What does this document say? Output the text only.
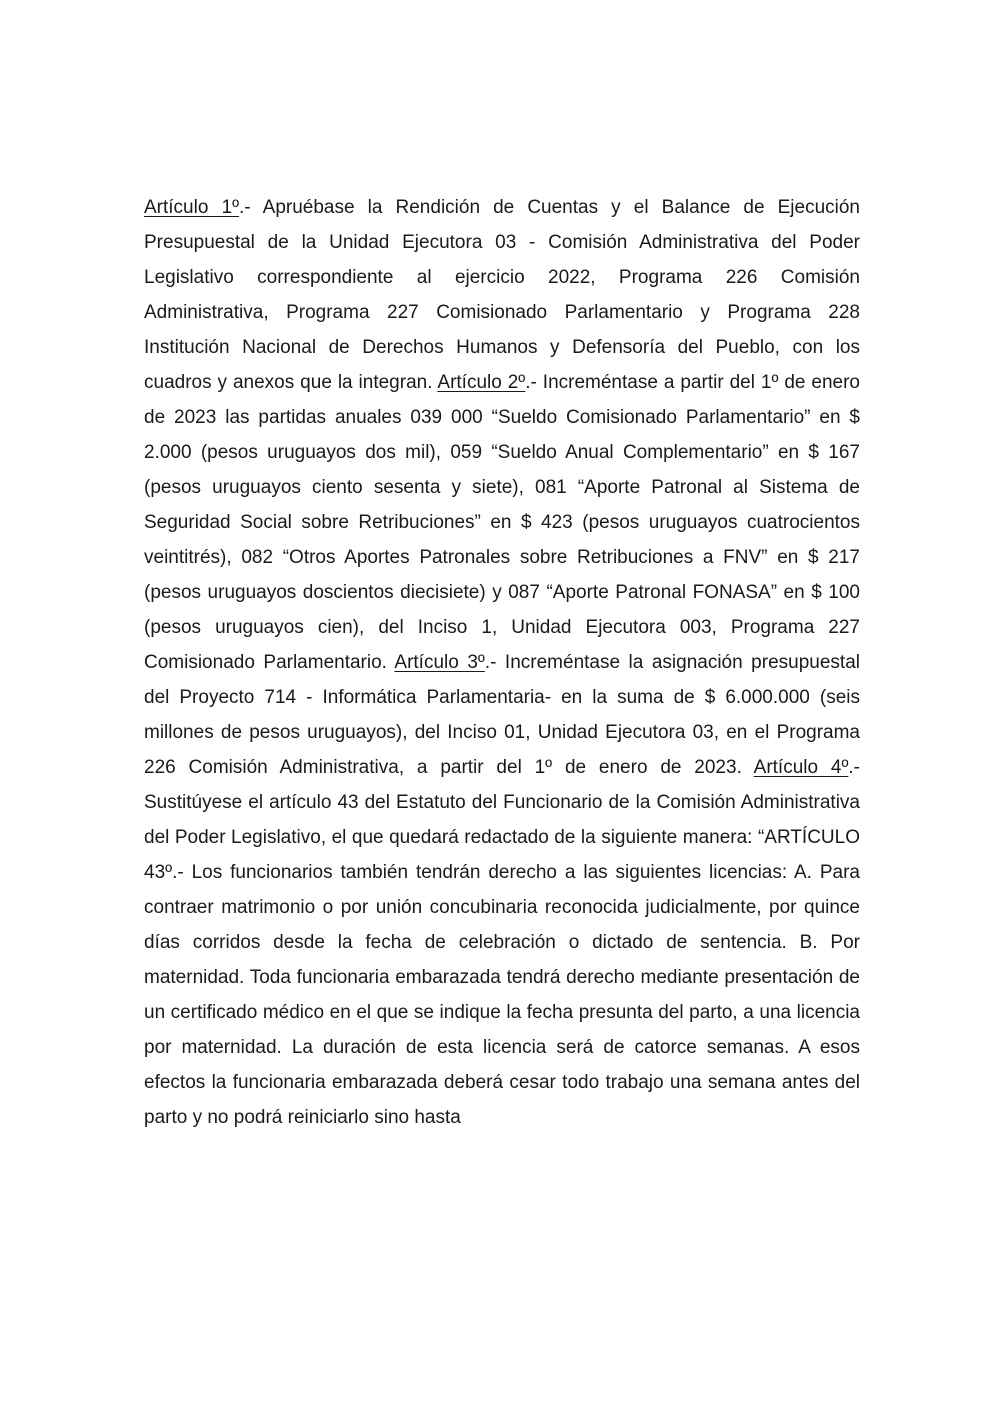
Artículo 1º.- Apruébase la Rendición de Cuentas y el Balance de Ejecución Presupuestal de la Unidad Ejecutora 03 - Comisión Administrativa del Poder Legislativo correspondiente al ejercicio 2022, Programa 226 Comisión Administrativa, Programa 227 Comisionado Parlamentario y Programa 228 Institución Nacional de Derechos Humanos y Defensoría del Pueblo, con los cuadros y anexos que la integran. Artículo 2º.- Increméntase a partir del 1º de enero de 2023 las partidas anuales 039 000 “Sueldo Comisionado Parlamentario” en $ 2.000 (pesos uruguayos dos mil), 059 “Sueldo Anual Complementario” en $ 167 (pesos uruguayos ciento sesenta y siete), 081 “Aporte Patronal al Sistema de Seguridad Social sobre Retribuciones” en $ 423 (pesos uruguayos cuatrocientos veintitrés), 082 “Otros Aportes Patronales sobre Retribuciones a FNV” en $ 217 (pesos uruguayos doscientos diecisiete) y 087 “Aporte Patronal FONASA” en $ 100 (pesos uruguayos cien), del Inciso 1, Unidad Ejecutora 003, Programa 227 Comisionado Parlamentario. Artículo 3º.- Increméntase la asignación presupuestal del Proyecto 714 - Informática Parlamentaria- en la suma de $ 6.000.000 (seis millones de pesos uruguayos), del Inciso 01, Unidad Ejecutora 03, en el Programa 226 Comisión Administrativa, a partir del 1º de enero de 2023. Artículo 4º.- Sustitúyese el artículo 43 del Estatuto del Funcionario de la Comisión Administrativa del Poder Legislativo, el que quedará redactado de la siguiente manera: “ARTÍCULO 43º.- Los funcionarios también tendrán derecho a las siguientes licencias: A. Para contraer matrimonio o por unión concubinaria reconocida judicialmente, por quince días corridos desde la fecha de celebración o dictado de sentencia. B. Por maternidad. Toda funcionaria embarazada tendrá derecho mediante presentación de un certificado médico en el que se indique la fecha presunta del parto, a una licencia por maternidad. La duración de esta licencia será de catorce semanas. A esos efectos la funcionaria embarazada deberá cesar todo trabajo una semana antes del parto y no podrá reiniciarlo sino hasta
